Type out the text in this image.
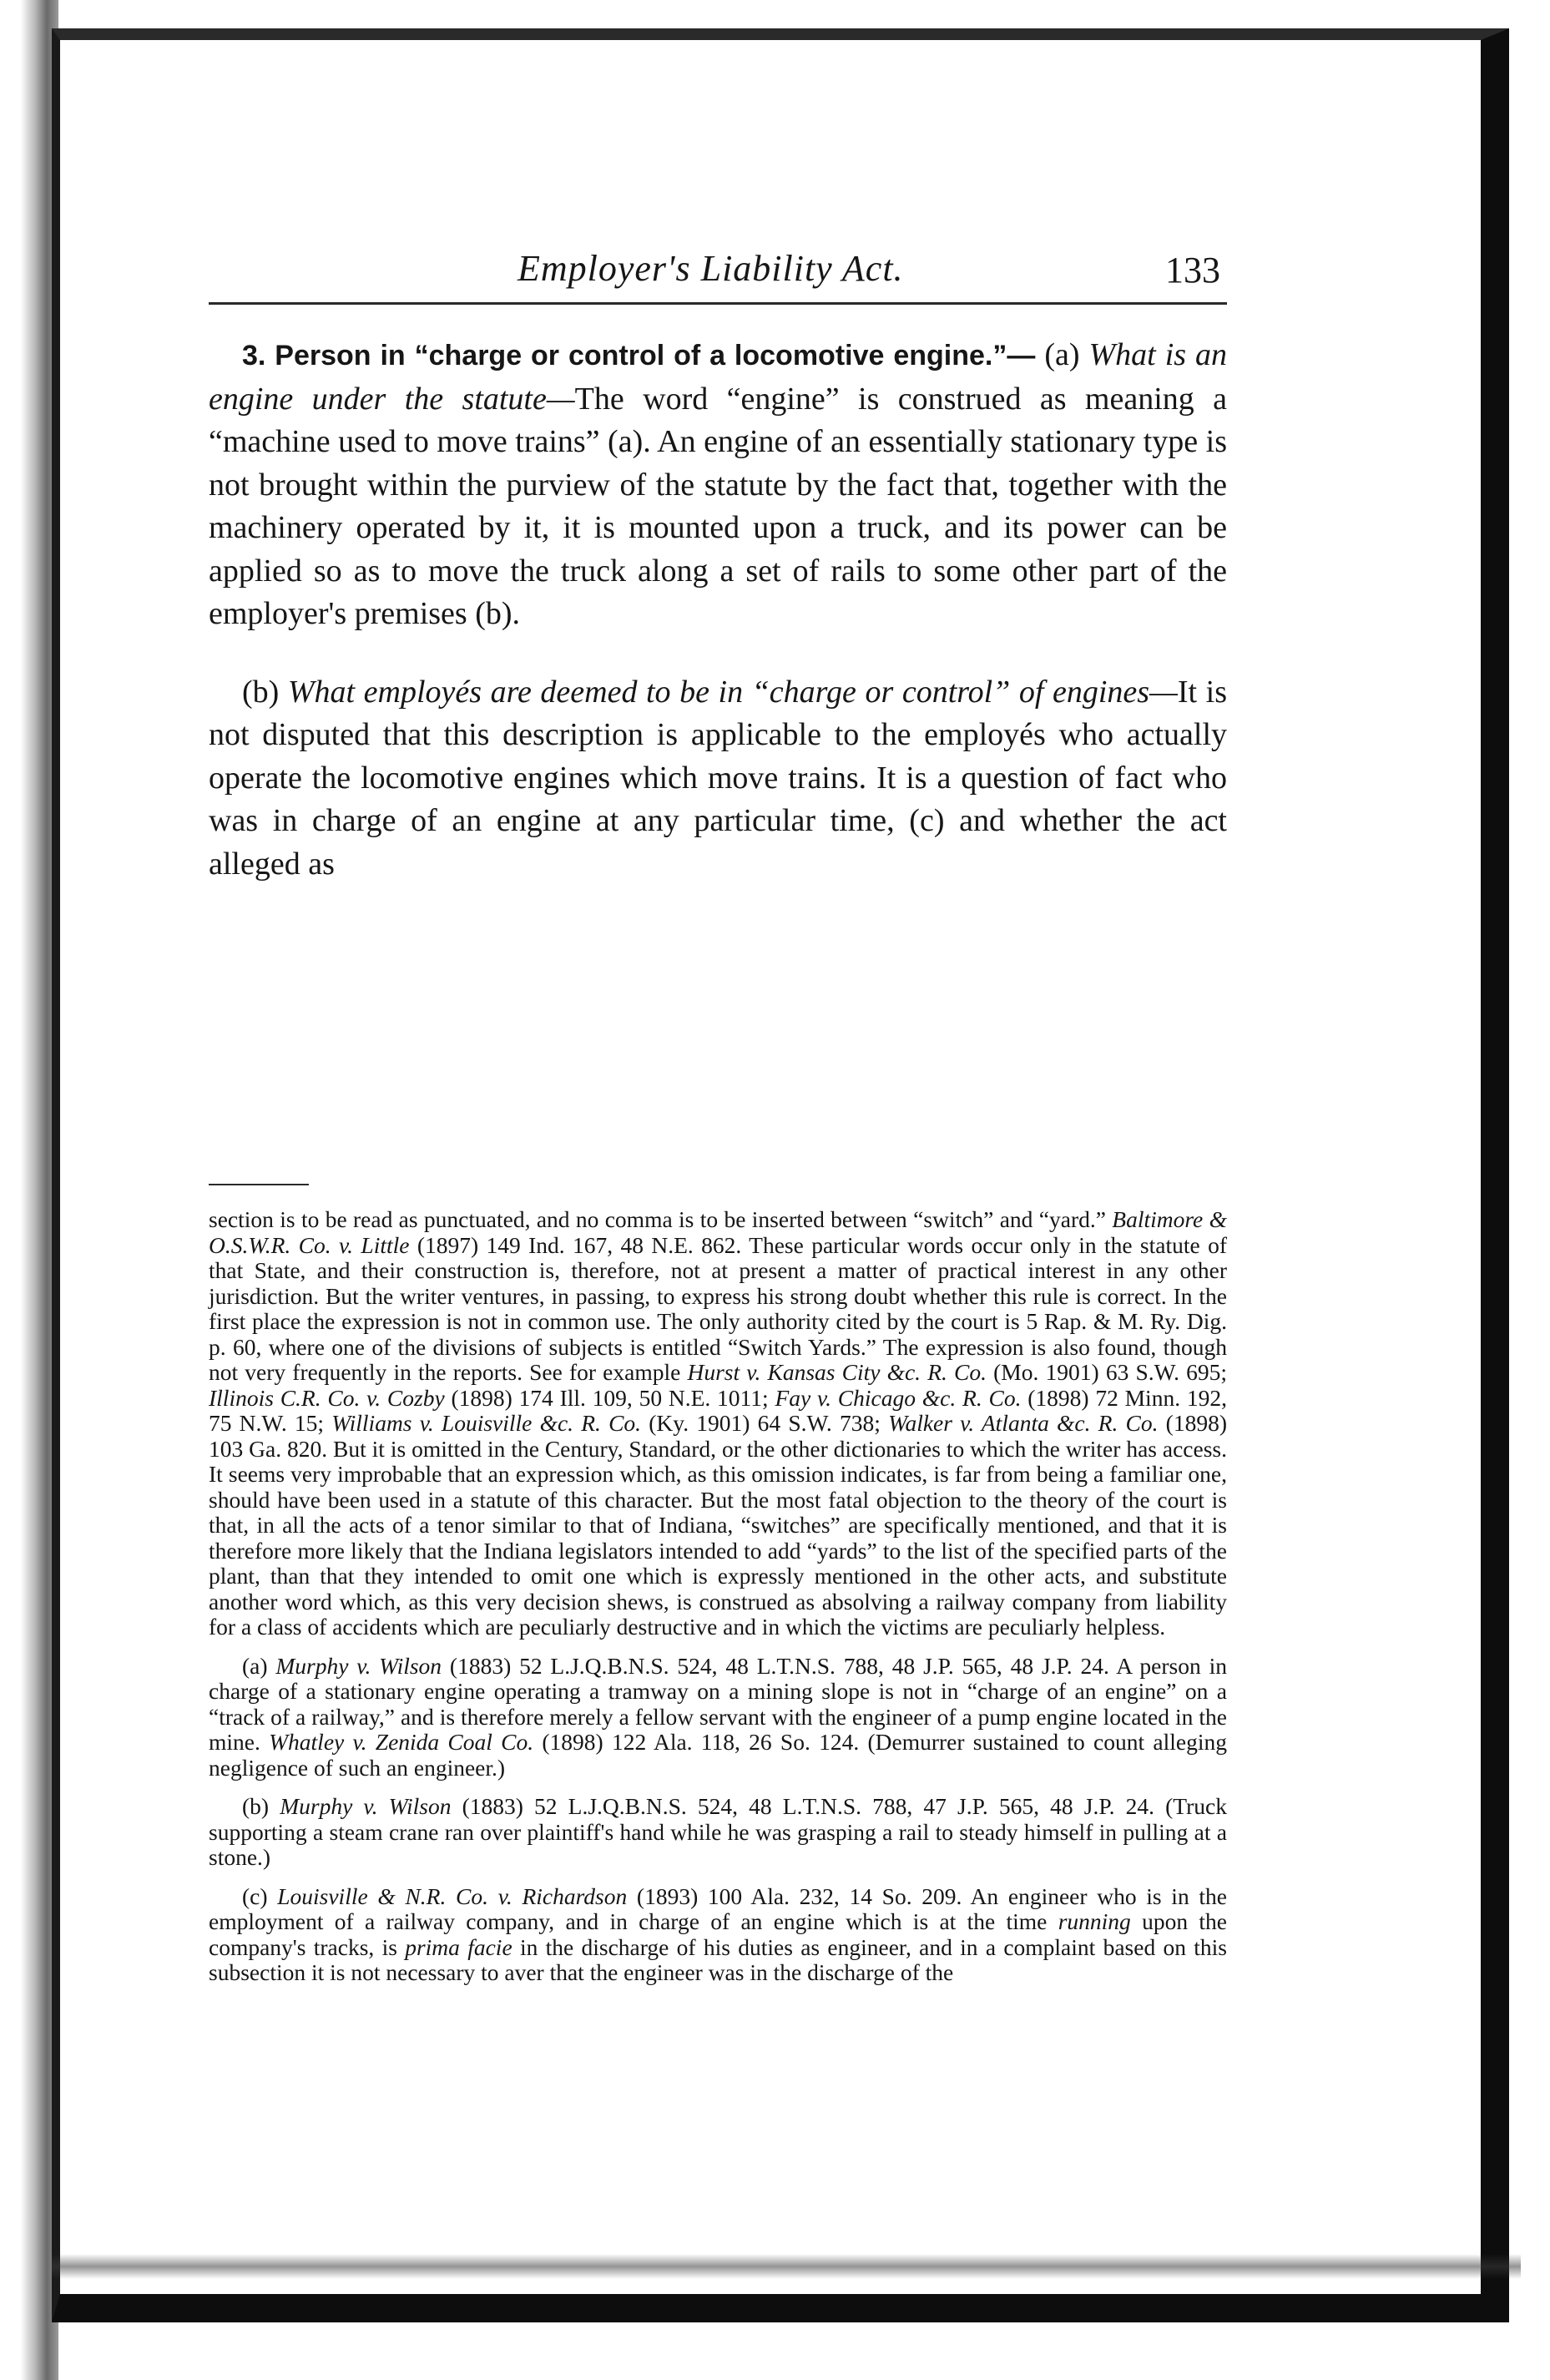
Employer's Liability Act.	133

3. Person in “charge or control of a locomotive engine.”— (a) What is an engine under the statute—The word “engine” is construed as meaning a “machine used to move trains” (a). An engine of an essentially stationary type is not brought within the purview of the statute by the fact that, together with the machinery operated by it, it is mounted upon a truck, and its power can be applied so as to move the truck along a set of rails to some other part of the employer's premises (b).

(b) What employés are deemed to be in “charge or control” of engines—It is not disputed that this description is applicable to the employés who actually operate the locomotive engines which move trains. It is a question of fact who was in charge of an engine at any particular time, (c) and whether the act alleged as

section is to be read as punctuated, and no comma is to be inserted between “switch” and “yard.” Baltimore & O.S.W.R. Co. v. Little (1897) 149 Ind. 167, 48 N.E. 862. These particular words occur only in the statute of that State, and their construction is, therefore, not at present a matter of practical interest in any other jurisdiction. But the writer ventures, in passing, to express his strong doubt whether this rule is correct. In the first place the expression is not in common use. The only authority cited by the court is 5 Rap. & M. Ry. Dig. p. 60, where one of the divisions of subjects is entitled “Switch Yards.” The expression is also found, though not very frequently in the reports. See for example Hurst v. Kansas City &c. R. Co. (Mo. 1901) 63 S.W. 695; Illinois C.R. Co. v. Cozby (1898) 174 Ill. 109, 50 N.E. 1011; Fay v. Chicago &c. R. Co. (1898) 72 Minn. 192, 75 N.W. 15; Williams v. Louisville &c. R. Co. (Ky. 1901) 64 S.W. 738; Walker v. Atlanta &c. R. Co. (1898) 103 Ga. 820. But it is omitted in the Century, Standard, or the other dictionaries to which the writer has access. It seems very improbable that an expression which, as this omission indicates, is far from being a familiar one, should have been used in a statute of this character. But the most fatal objection to the theory of the court is that, in all the acts of a tenor similar to that of Indiana, “switches” are specifically mentioned, and that it is therefore more likely that the Indiana legislators intended to add “yards” to the list of the specified parts of the plant, than that they intended to omit one which is expressly mentioned in the other acts, and substitute another word which, as this very decision shews, is construed as absolving a railway company from liability for a class of accidents which are peculiarly destructive and in which the victims are peculiarly helpless.

(a) Murphy v. Wilson (1883) 52 L.J.Q.B.N.S. 524, 48 L.T.N.S. 788, 48 J.P. 565, 48 J.P. 24. A person in charge of a stationary engine operating a tramway on a mining slope is not in “charge of an engine” on a “track of a railway,” and is therefore merely a fellow servant with the engineer of a pump engine located in the mine. Whatley v. Zenida Coal Co. (1898) 122 Ala. 118, 26 So. 124. (Demurrer sustained to count alleging negligence of such an engineer.)

(b) Murphy v. Wilson (1883) 52 L.J.Q.B.N.S. 524, 48 L.T.N.S. 788, 47 J.P. 565, 48 J.P. 24. (Truck supporting a steam crane ran over plaintiff's hand while he was grasping a rail to steady himself in pulling at a stone.)

(c) Louisville & N.R. Co. v. Richardson (1893) 100 Ala. 232, 14 So. 209. An engineer who is in the employment of a railway company, and in charge of an engine which is at the time running upon the company's tracks, is prima facie in the discharge of his duties as engineer, and in a complaint based on this subsection it is not necessary to aver that the engineer was in the discharge of the
